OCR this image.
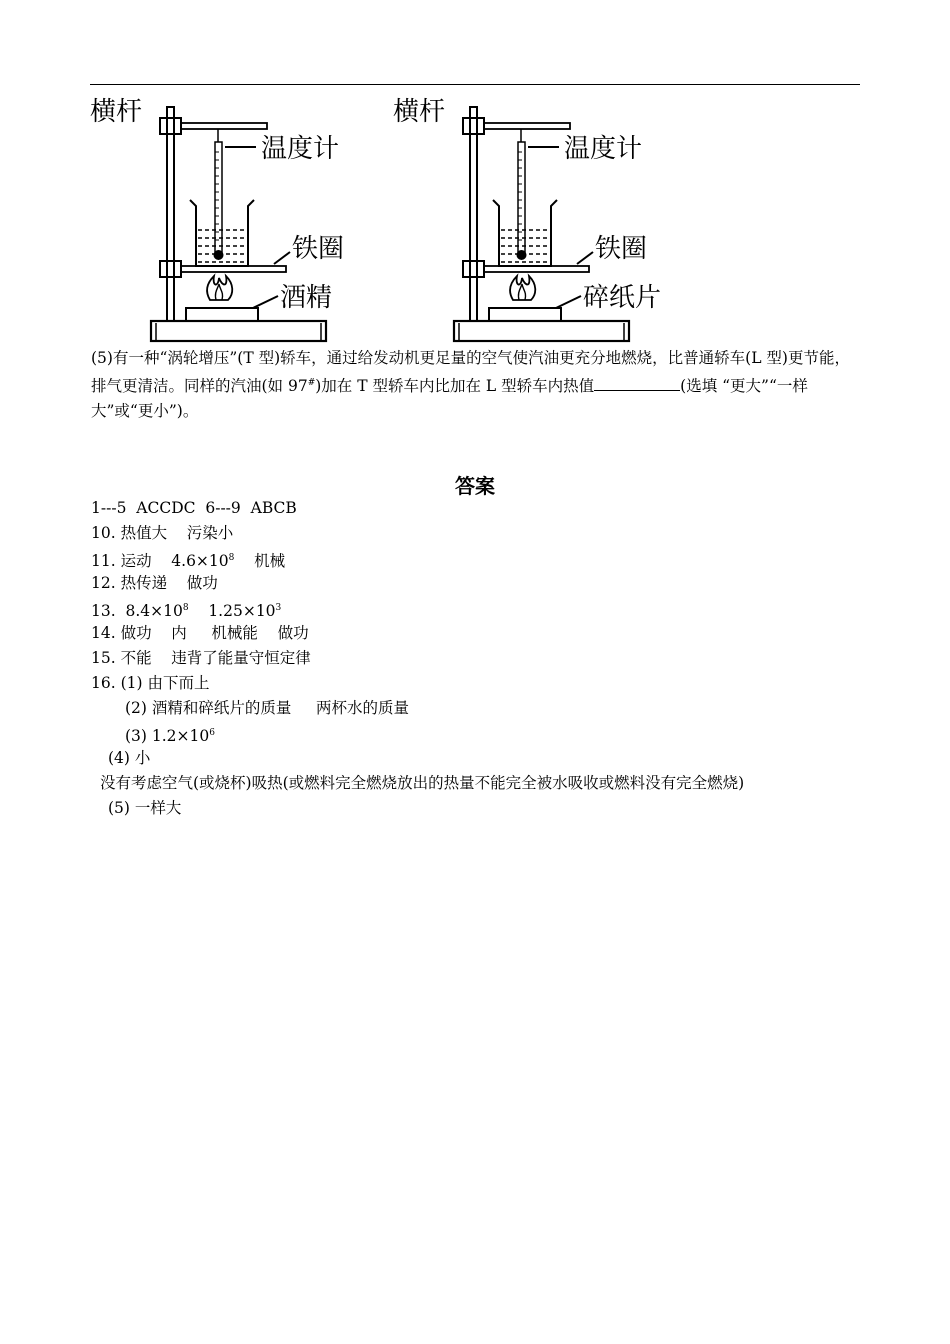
横杆
温度计
铁圈
酒精
横杆
温度计
铁圈
碎纸片
(5)有一种“涡轮增压”(T 型)轿车，通过给发动机更足量的空气使汽油更充分地燃烧，比普通轿车(L 型)更节能，排气更清洁。同样的汽油(如 97#)加在 T 型轿车内比加在 L 型轿车内热值	(选填 “更大”“一样大”或“更小”)。
答案
1---5  ACCDC  6---9  ABCB
10. 热值大    污染小
11. 运动    $4.6\times 10^8$    机械
12. 热传递    做功
13.  $8.4\times 10^8$    $1.25\times 10^3$
14. 做功    内     机械能    做功
15. 不能    违背了能量守恒定律
16. (1) 由下而上
(2) 酒精和碎纸片的质量     两杯水的质量
(3) $1.2\times 10^6$
(4) 小
没有考虑空气(或烧杯)吸热(或燃料完全燃烧放出的热量不能完全被水吸收或燃料没有完全燃烧)
(5) 一样大
